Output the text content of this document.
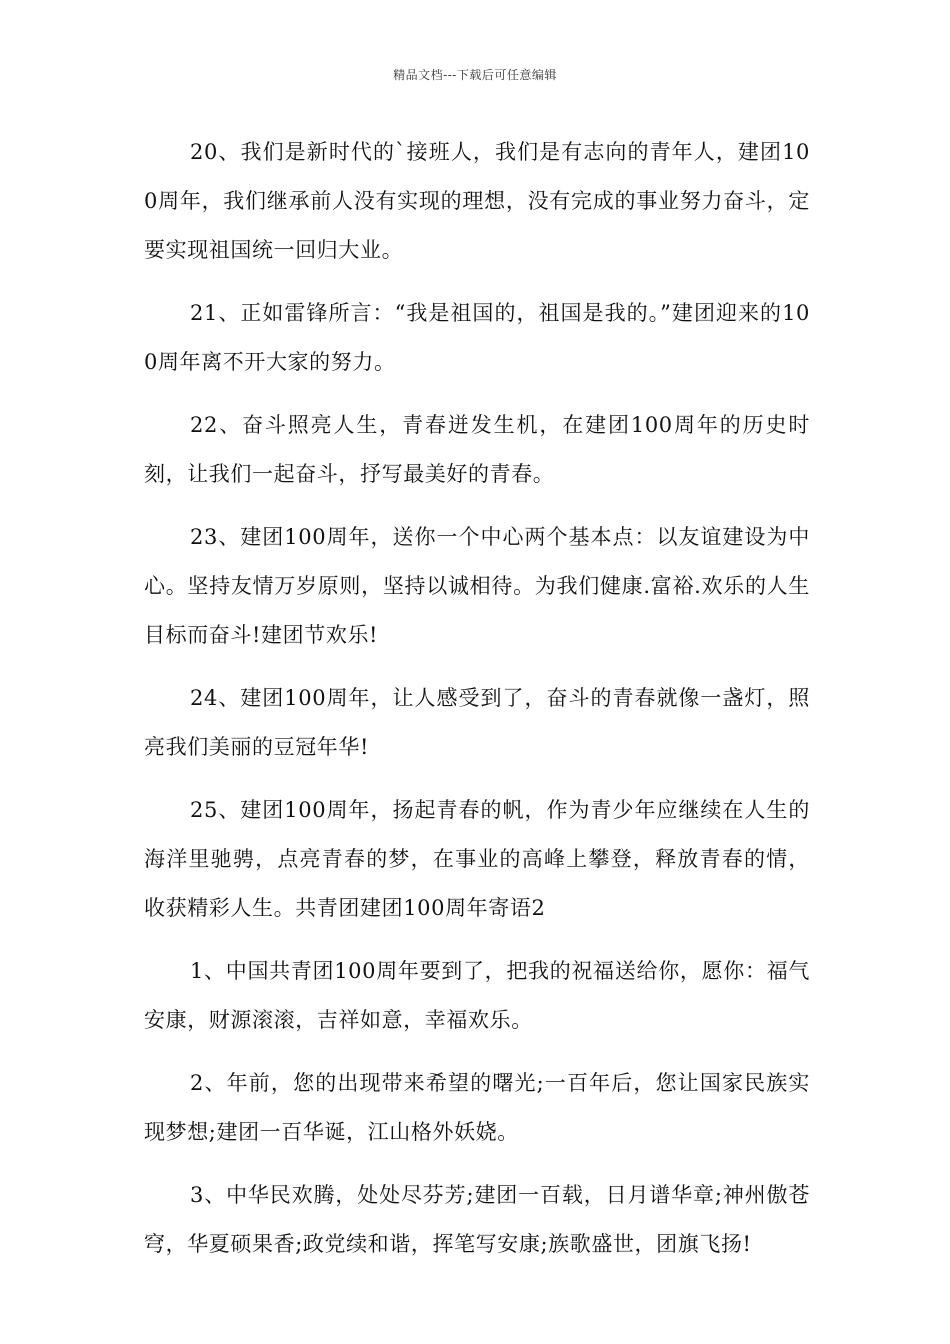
精品文档---下载后可任意编辑

20、我们是新时代的`接班人，我们是有志向的青年人，建团100周年，我们继承前人没有实现的理想，没有完成的事业努力奋斗，定要实现祖国统一回归大业。

21、正如雷锋所言：“我是祖国的，祖国是我的。”建团迎来的100周年离不开大家的努力。

22、奋斗照亮人生，青春迸发生机，在建团100周年的历史时刻，让我们一起奋斗，抒写最美好的青春。

23、建团100周年，送你一个中心两个基本点：以友谊建设为中心。坚持友情万岁原则，坚持以诚相待。为我们健康.富裕.欢乐的人生目标而奋斗!建团节欢乐!

24、建团100周年，让人感受到了，奋斗的青春就像一盏灯，照亮我们美丽的豆冠年华!

25、建团100周年，扬起青春的帆，作为青少年应继续在人生的海洋里驰骋，点亮青春的梦，在事业的高峰上攀登，释放青春的情，收获精彩人生。共青团建团100周年寄语2

1、中国共青团100周年要到了，把我的祝福送给你，愿你：福气安康，财源滚滚，吉祥如意，幸福欢乐。

2、年前，您的出现带来希望的曙光;一百年后，您让国家民族实现梦想;建团一百华诞，江山格外妖娆。

3、中华民欢腾，处处尽芬芳;建团一百载，日月谱华章;神州傲苍穹，华夏硕果香;政党续和谐，挥笔写安康;族歌盛世，团旗飞扬!
